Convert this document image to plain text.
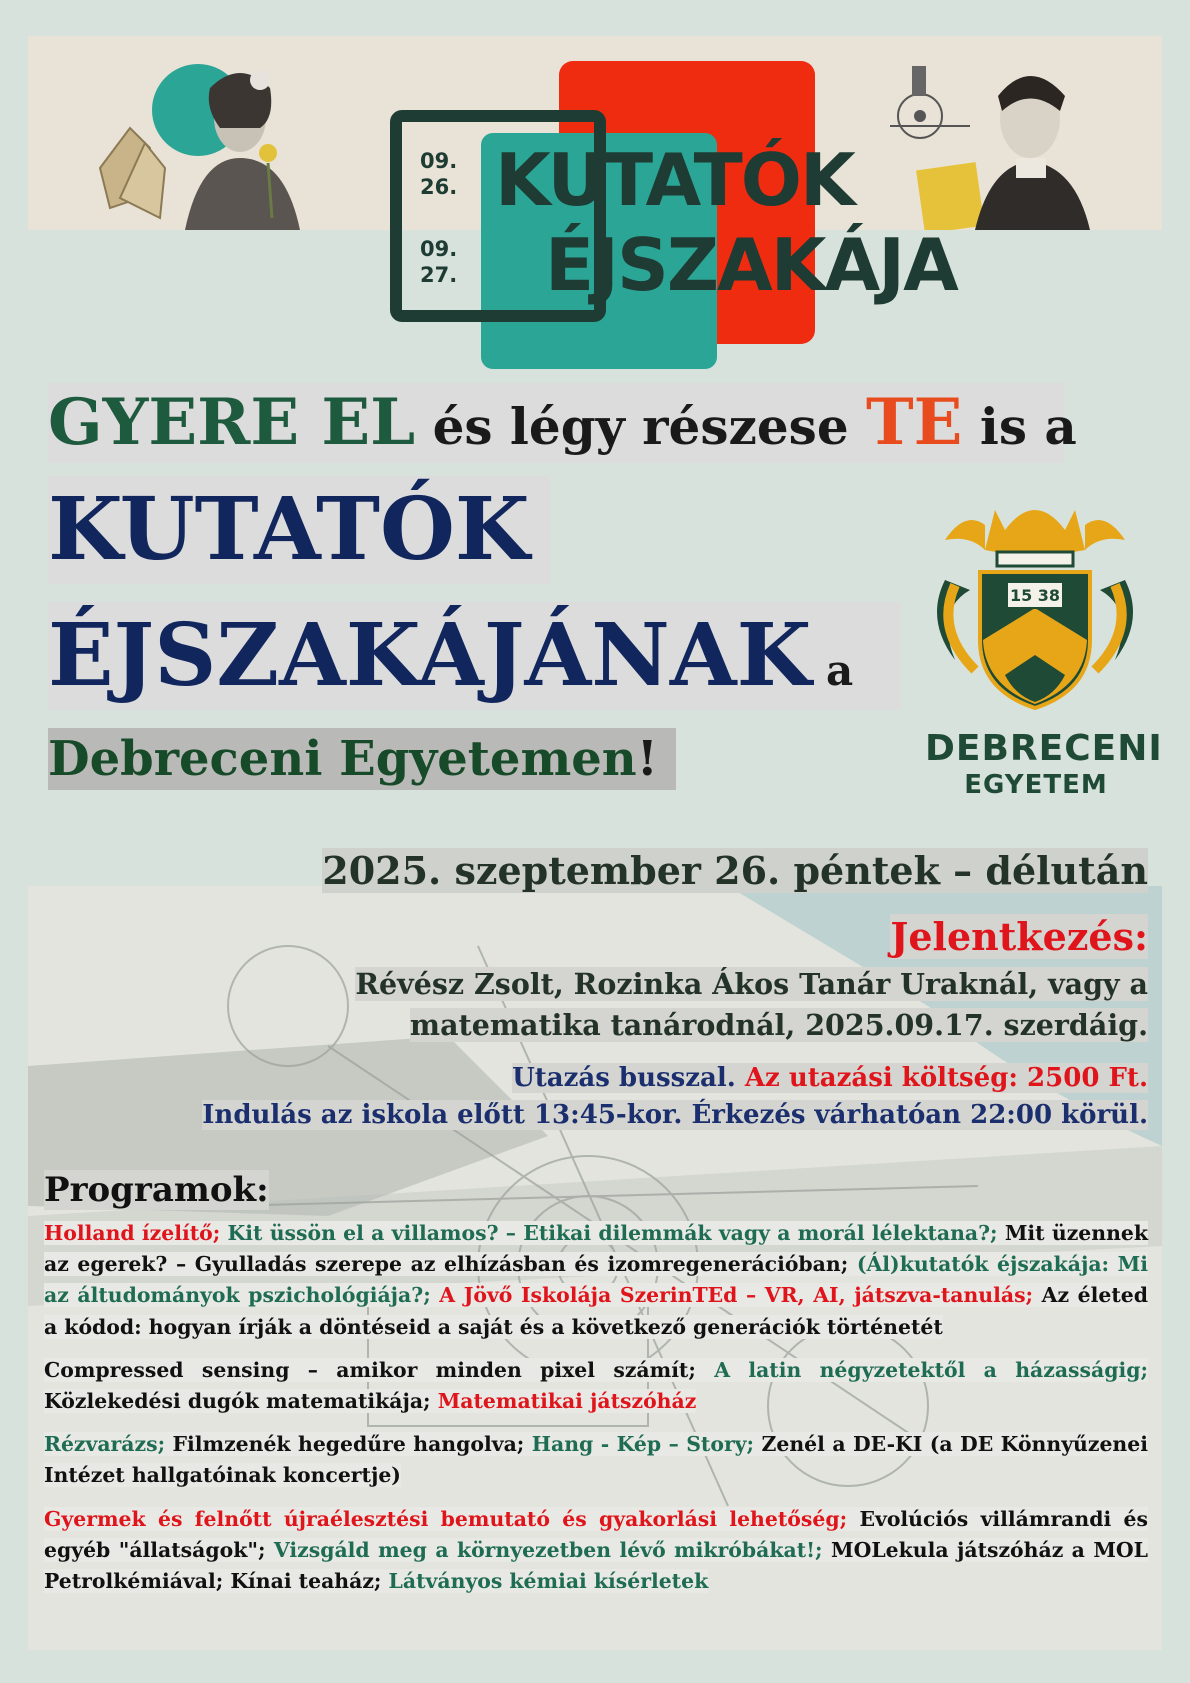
09.
26.
09.
27.
KUTATÓK
ÉJSZAKÁJA
GYERE EL és légy részese TE is a
KUTATÓK
ÉJSZAKÁJÁNAK a
Debreceni Egyetemen!
15 38
DEBRECENI
EGYETEM
2025. szeptember 26. péntek – délután
Jelentkezés:
Révész Zsolt, Rozinka Ákos Tanár Uraknál, vagy a
matematika tanárodnál, 2025.09.17. szerdáig.
Utazás busszal. Az utazási költség: 2500 Ft.
Indulás az iskola előtt 13:45-kor. Érkezés várhatóan 22:00 körül.
Programok:

Holland ízelítő; Kit üssön el a villamos? – Etikai dilemmák vagy a morál lélektana?; Mit üzennek az egerek? – Gyulladás szerepe az elhízásban és izomregenerációban; (Ál)kutatók éjszakája: Mi az áltudományok pszichológiája?; A Jövő Iskolája SzerinTEd – VR, AI, játszva-tanulás; Az életed a kódod: hogyan írják a döntéseid a saját és a következő generációk történetét

Compressed sensing – amikor minden pixel számít; A latin négyzetektől a házasságig; Közlekedési dugók matematikája; Matematikai játszóház

Rézvarázs; Filmzenék hegedűre hangolva; Hang - Kép – Story; Zenél a DE-KI (a DE Könnyűzenei Intézet hallgatóinak koncertje)

Gyermek és felnőtt újraélesztési bemutató és gyakorlási lehetőség; Evolúciós villámrandi és egyéb "állatságok"; Vizsgáld meg a környezetben lévő mikróbákat!; MOLekula játszóház a MOL Petrolkémiával; Kínai teaház; Látványos kémiai kísérletek
